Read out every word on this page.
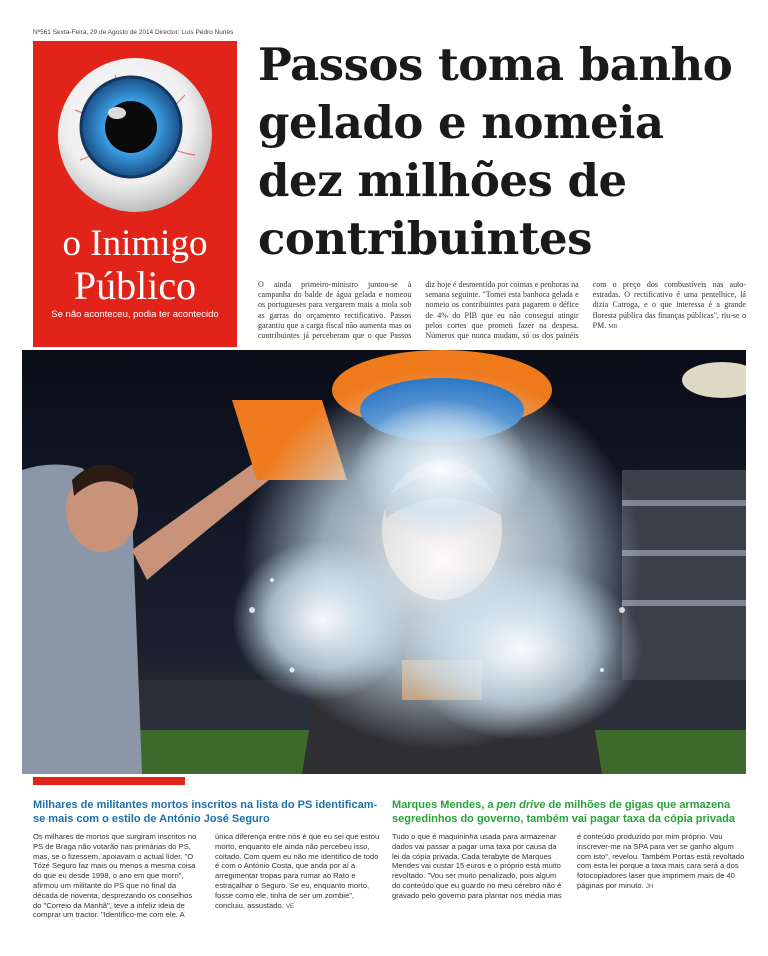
Nº561 Sexta-Feira, 29 de Agosto de 2014 Director: Luís Pedro Nunes
o Inimigo
Público
Se não aconteceu, podia ter acontecido
Passos toma banho gelado e nomeia dez milhões de contribuintes

O ainda primeiro-ministro juntou-se à campanha do balde de água gelada e nomeou os portugueses para vergarem mais a mola sob as garras do orçamento rectificativo. Passos garantiu que a carga fiscal não aumenta mas os contribuintes já perceberam que o que Passos diz hoje é desmentido por coimas e penhoras na semana seguinte. "Tomei esta banhoca gelada e nomeio os contribuintes para pagarem o défice de 4% do PIB que eu não consegui atingir pelos cortes que prometi fazer na despesa. Números que nunca mudam, só os dos painéis com o preço dos combustíveis nas auto-estradas. O rectificativo é uma pentelhice, lá dizia Catroga, e o que interessa é a grande floresta pública das finanças públicas", riu-se o PM. MB

Milhares de militantes mortos inscritos na lista do PS identificam-se mais com o estilo de António José Seguro

Os milhares de mortos que surgiram inscritos no PS de Braga não votarão nas primárias do PS, mas, se o fizessem, apoiavam o actual líder. "O Tózé Seguro faz mais ou menos a mesma coisa do que eu desde 1998, o ano em que morri", afirmou um militante do PS que no final da década de noventa, desprezando os conselhos do "Correio da Manhã", teve a infeliz ideia de comprar um tractor. "Identifico-me com ele. A única diferença entre nós é que eu sei que estou morto, enquanto ele ainda não percebeu isso, coitado. Com quem eu não me identifico de todo é com o António Costa, que anda por aí a arregimentar tropas para rumar ao Rato e estraçalhar o Seguro. Se eu, enquanto morto, fosse como ele, tinha de ser um zombie", concluiu, assustado. VE

Marques Mendes, a pen drive de milhões de gigas que armazena segredinhos do governo, também vai pagar taxa da cópia privada

Tudo o que é maquininha usada para armazenar dados vai passar a pagar uma taxa por causa da lei da cópia privada. Cada terabyte de Marques Mendes vai custar 15 euros e o próprio está muito revoltado. "Vou ser muito penalizado, pois algum do conteúdo que eu guardo no meu cérebro não é gravado pelo governo para plantar nos média mas é conteúdo produzido por mim próprio. Vou inscrever-me na SPA para ver se ganho algum com isto", revelou. Também Portas está revoltado com esta lei porque a taxa mais cara será a dos fotocopiadores laser que imprimem mais de 40 páginas por minuto. JH
